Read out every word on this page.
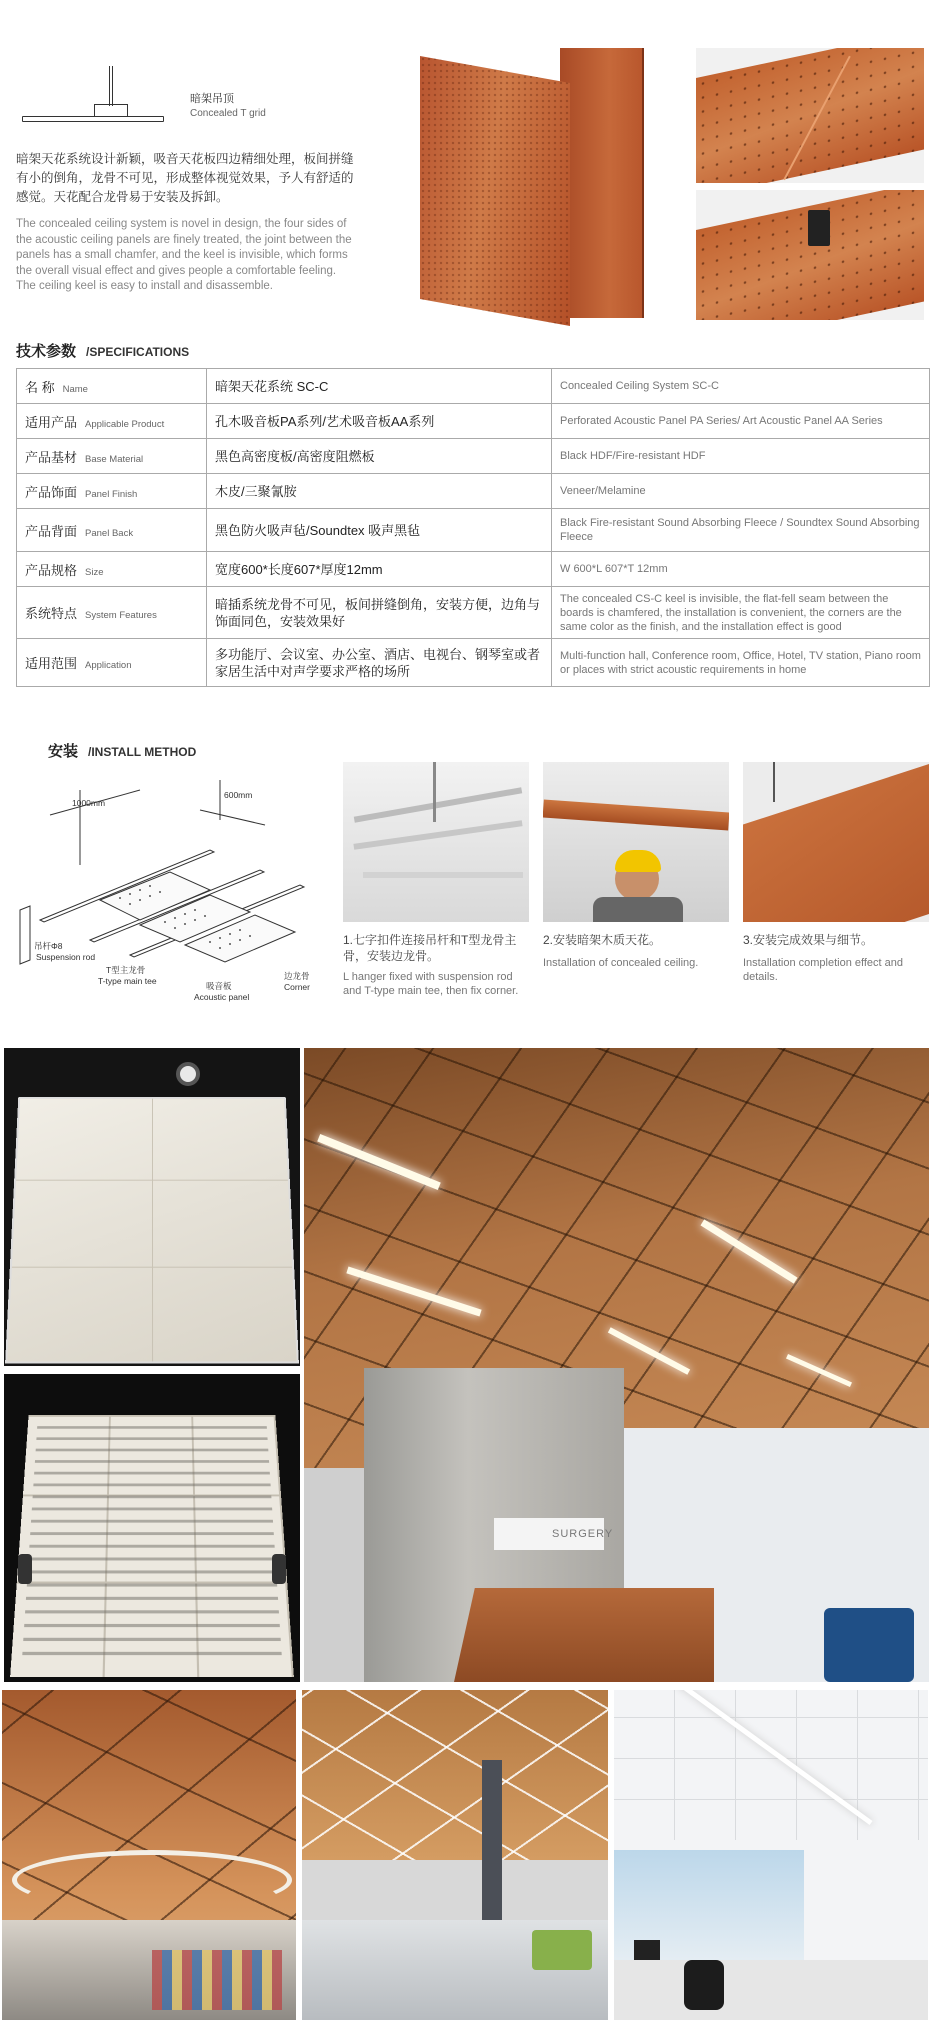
暗架吊顶
Concealed T grid

暗架天花系统设计新颖，吸音天花板四边精细处理，板间拼缝有小的倒角，龙骨不可见，形成整体视觉效果，予人有舒适的感觉。天花配合龙骨易于安装及拆卸。

The concealed ceiling system is novel in design, the four sides of the acoustic ceiling panels are finely treated, the joint between the panels has a small chamfer, and the keel is invisible, which forms the overall visual effect and gives people a comfortable feeling. The ceiling keel is easy to install and disassemble.

技术参数 /SPECIFICATIONS
名 称 Name	暗架天花系统 SC-C	Concealed Ceiling System SC-C
适用产品 Applicable Product	孔木吸音板PA系列/艺术吸音板AA系列	Perforated Acoustic Panel PA Series/ Art Acoustic Panel AA Series
产品基材 Base Material	黑色高密度板/高密度阻燃板	Black HDF/Fire-resistant HDF
产品饰面 Panel Finish	木皮/三聚氰胺	Veneer/Melamine
产品背面 Panel Back	黑色防火吸声毡/Soundtex 吸声黑毡	Black Fire-resistant Sound Absorbing Fleece / Soundtex Sound Absorbing Fleece
产品规格 Size	宽度600*长度607*厚度12mm	W 600*L 607*T 12mm
系统特点 System Features	暗插系统龙骨不可见，板间拼缝倒角，安装方便，边角与饰面同色，安装效果好	The concealed CS-C keel is invisible, the flat-fell seam between the boards is chamfered, the installation is convenient, the corners are the same color as the finish, and the installation effect is good
适用范围 Application	多功能厅、会议室、办公室、酒店、电视台、钢琴室或者家居生活中对声学要求严格的场所	Multi-function hall, Conference room, Office, Hotel, TV station, Piano room or places with strict acoustic requirements in home
安装 /INSTALL METHOD
1000mm
600mm
吊杆Φ8
Suspension rod
T型主龙骨
T-type main tee	吸音板
Acoustic panel
边龙骨
Corner
1.七字扣件连接吊杆和T型龙骨主骨，安装边龙骨。
L hanger fixed with suspension rod and T-type main tee, then fix corner.
2.安装暗架木质天花。
Installation of concealed ceiling.
3.安装完成效果与细节。
Installation completion effect and details.
SURGERY
